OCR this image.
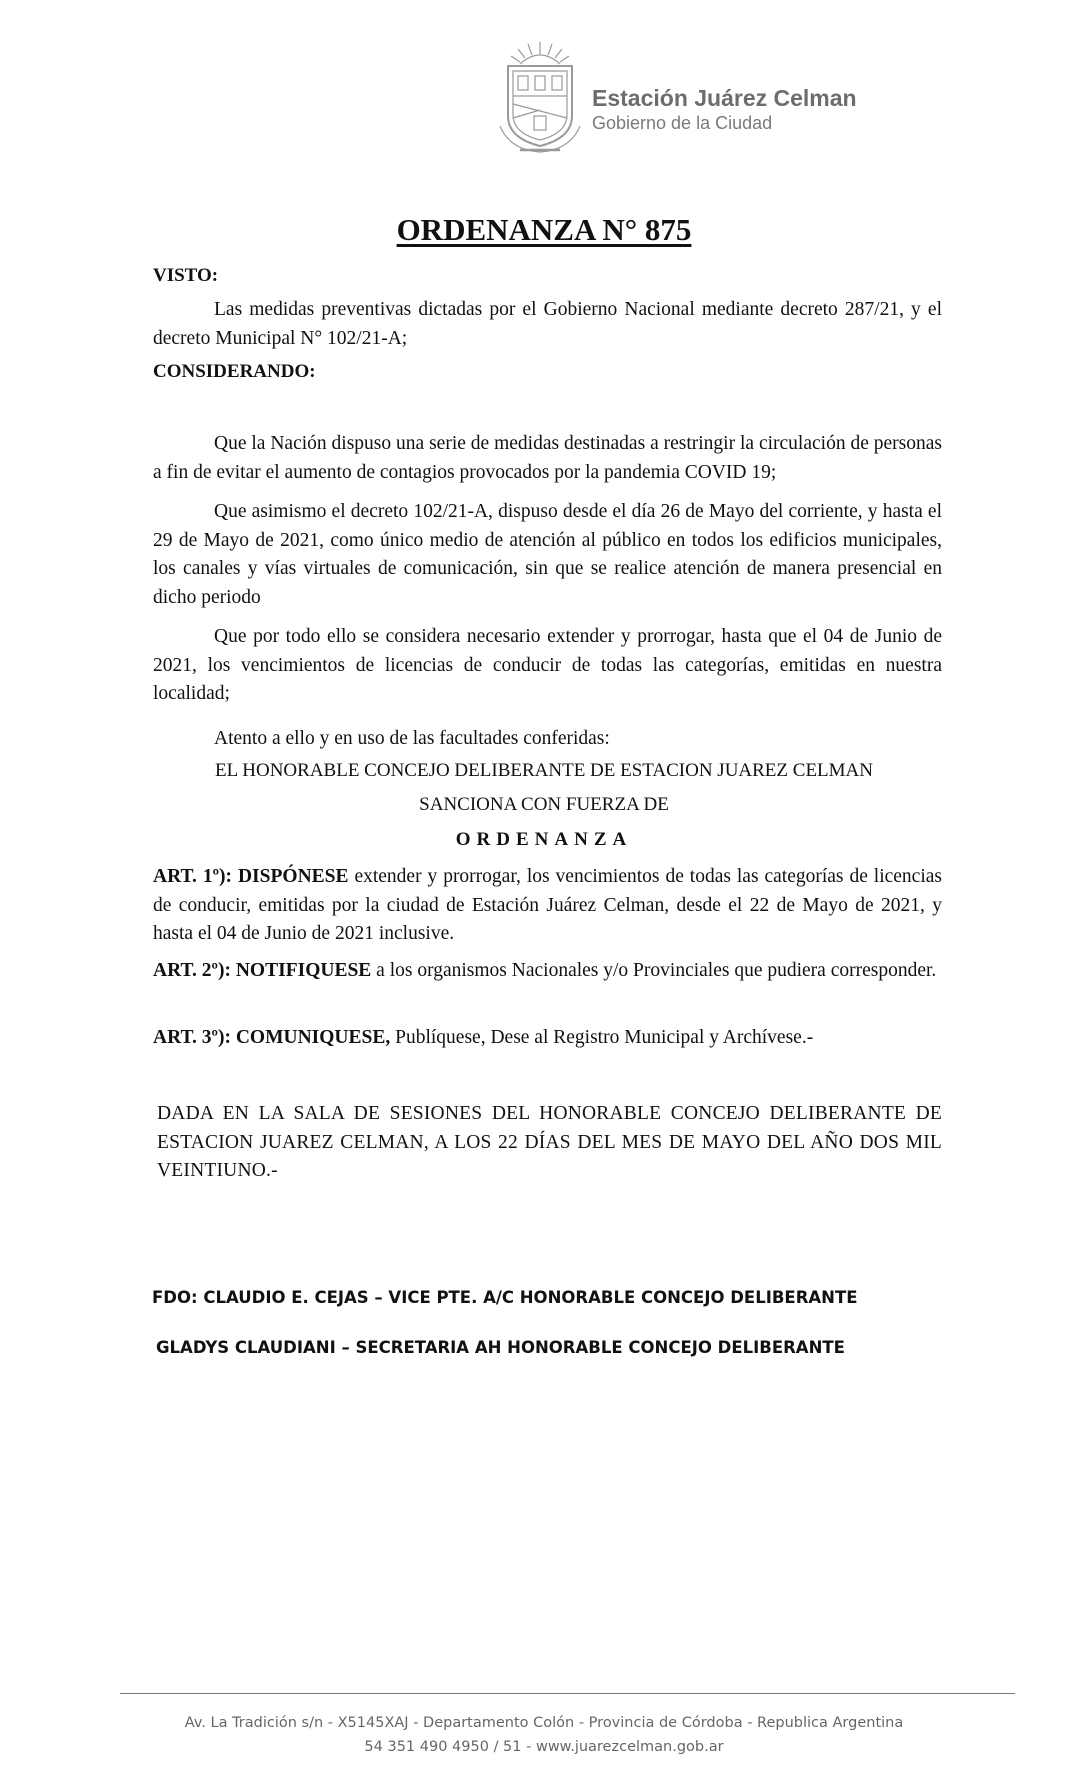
Estación Juárez Celman
Gobierno de la Ciudad
ORDENANZA N° 875
VISTO:

Las medidas preventivas dictadas por el Gobierno Nacional mediante decreto 287/21, y el decreto Municipal N° 102/21-A;

CONSIDERANDO:

Que la Nación dispuso una serie de medidas destinadas a restringir la circulación de personas a fin de evitar el aumento de contagios provocados por la pandemia COVID 19;

Que asimismo el decreto 102/21-A, dispuso desde el día 26 de Mayo del corriente, y hasta el 29 de Mayo de 2021, como único medio de atención al público en todos los edificios municipales, los canales y vías virtuales de comunicación, sin que se realice atención de manera presencial en dicho periodo

Que por todo ello se considera necesario extender y prorrogar, hasta que el 04 de Junio de 2021, los vencimientos de licencias de conducir de todas las categorías, emitidas en nuestra localidad;

Atento a ello y en uso de las facultades conferidas:

EL HONORABLE CONCEJO DELIBERANTE DE ESTACION JUAREZ CELMAN
SANCIONA CON FUERZA DE
ORDENANZA

ART. 1º): DISPÓNESE extender y prorrogar, los vencimientos de todas las categorías de licencias de conducir, emitidas por la ciudad de Estación Juárez Celman, desde el 22 de Mayo de 2021, y hasta el 04 de Junio de 2021 inclusive.

ART. 2º): NOTIFIQUESE a los organismos Nacionales y/o Provinciales que pudiera corresponder.

ART. 3º): COMUNIQUESE, Publíquese, Dese al Registro Municipal y Archívese.-

DADA EN LA SALA DE SESIONES DEL HONORABLE CONCEJO DELIBERANTE DE ESTACION JUAREZ CELMAN, A LOS 22 DÍAS DEL MES DE MAYO DEL AÑO DOS MIL VEINTIUNO.-

FDO: CLAUDIO E. CEJAS – VICE PTE. A/C HONORABLE CONCEJO DELIBERANTE
GLADYS CLAUDIANI – SECRETARIA AH HONORABLE CONCEJO DELIBERANTE
Av. La Tradición s/n - X5145XAJ - Departamento Colón - Provincia de Córdoba - Republica Argentina
54 351 490 4950 / 51 - www.juarezcelman.gob.ar
